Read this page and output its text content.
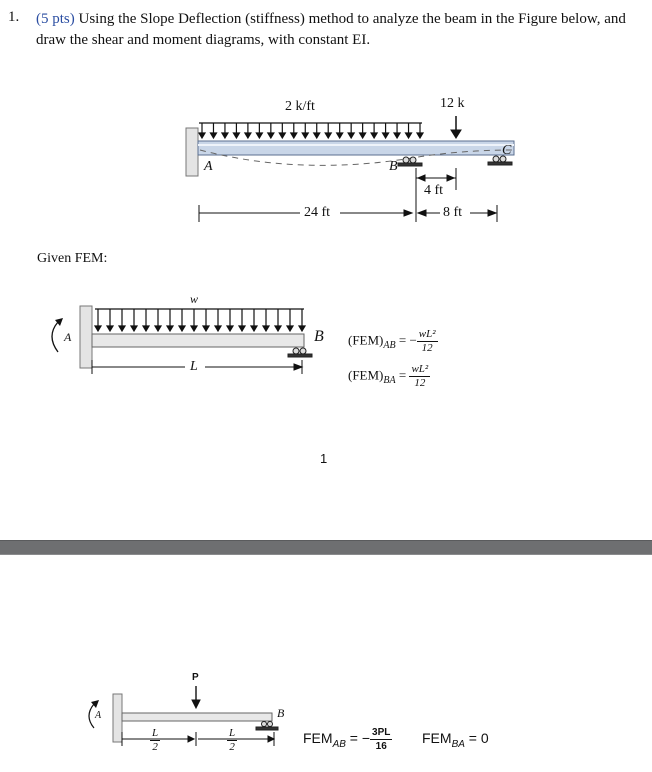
1. (5 pts) Using the Slope Deflection (stiffness) method to analyze the beam in the Figure below, and draw the shear and moment diagrams, with constant EI.
2 k/ft	12 k
A	B
C
24 ft
4 ft
8 ft
Given FEM:
A	B
w
L
$(FEM)_{AB}$ = − $\frac{\text{wL²}}{12}$
$(FEM)_{BA} = \frac{\text{wL²}}{12}$
1
P
A	B
$\frac{L}{2}$	$\frac{L}{2}$	$FEM_{AB}$ = − $\frac{3PL}{16} FEM_{BA} = 0$
